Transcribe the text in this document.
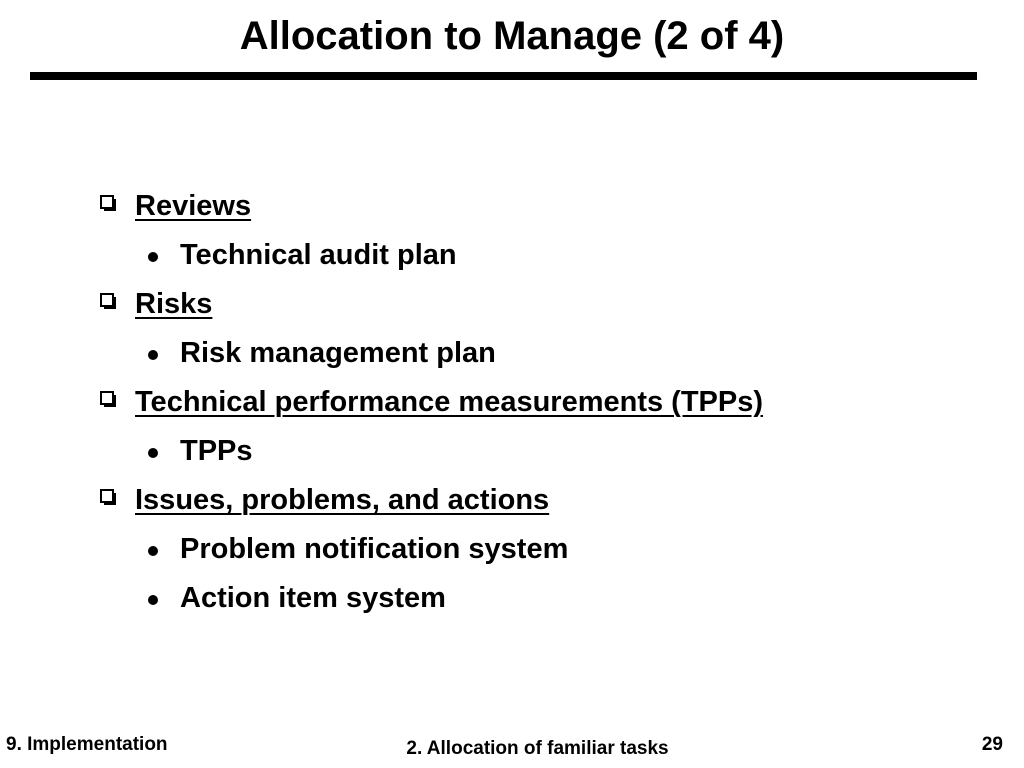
Allocation to Manage (2 of 4)
Reviews
Technical audit plan
Risks
Risk management plan
Technical performance measurements (TPPs)
TPPs
Issues, problems, and actions
Problem notification system
Action item system
9. Implementation	2. Allocation of familiar tasks	29
